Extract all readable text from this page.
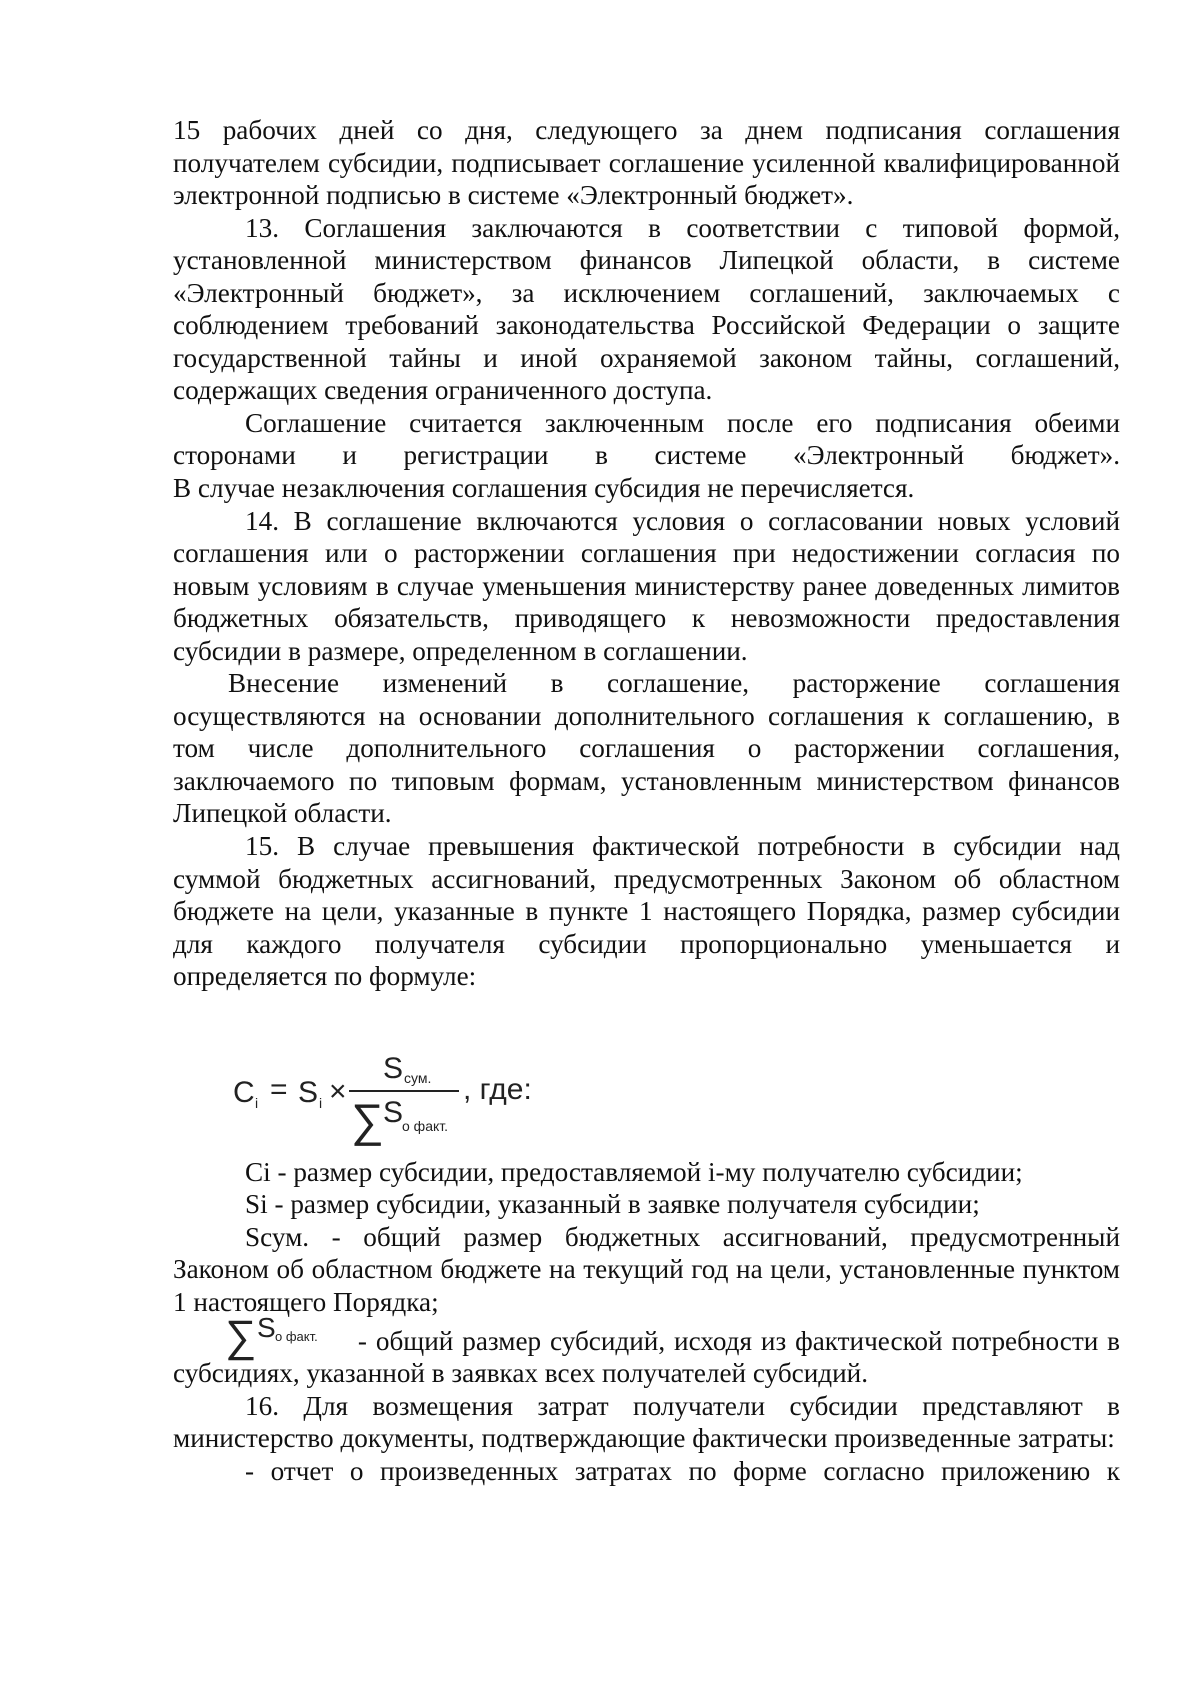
15 рабочих дней со дня, следующего за днем подписания соглашения получателем субсидии, подписывает соглашение усиленной квалифицированной электронной подписью в системе «Электронный бюджет».

13. Соглашения заключаются в соответствии с типовой формой, установленной министерством финансов Липецкой области, в системе «Электронный бюджет», за исключением соглашений, заключаемых с соблюдением требований законодательства Российской Федерации о защите государственной тайны и иной охраняемой законом тайны, соглашений, содержащих сведения ограниченного доступа.

Соглашение считается заключенным после его подписания обеими сторонами и регистрации в системе «Электронный бюджет».

В случае незаключения соглашения субсидия не перечисляется.

14. В соглашение включаются условия о согласовании новых условий соглашения или о расторжении соглашения при недостижении согласия по новым условиям в случае уменьшения министерству ранее доведенных лимитов бюджетных обязательств, приводящего к невозможности предоставления субсидии в размере, определенном в соглашении.

Внесение изменений в соглашение, расторжение соглашения осуществляются на основании дополнительного соглашения к соглашению, в том числе дополнительного соглашения о расторжении соглашения, заключаемого по типовым формам, установленным министерством финансов Липецкой области.

15. В случае превышения фактической потребности в субсидии над суммой бюджетных ассигнований, предусмотренных Законом об областном бюджете на цели, указанные в пункте 1 настоящего Порядка, размер субсидии для каждого получателя субсидии пропорционально уменьшается и определяется по формуле:

C i = S i ×
S сум.
∑ S
о факт.
, где:

Ci - размер субсидии, предоставляемой i-му получателю субсидии;

Si - размер субсидии, указанный в заявке получателя субсидии;

Sсум. - общий размер бюджетных ассигнований, предусмотренный Законом об областном бюджете на текущий год на цели, установленные пунктом 1 настоящего Порядка;

∑ S о факт. - общий размер субсидий, исходя из фактической потребности в субсидиях, указанной в заявках всех получателей субсидий.

16. Для возмещения затрат получатели субсидии представляют в министерство документы, подтверждающие фактически произведенные затраты:

- отчет о произведенных затратах по форме согласно приложению к
